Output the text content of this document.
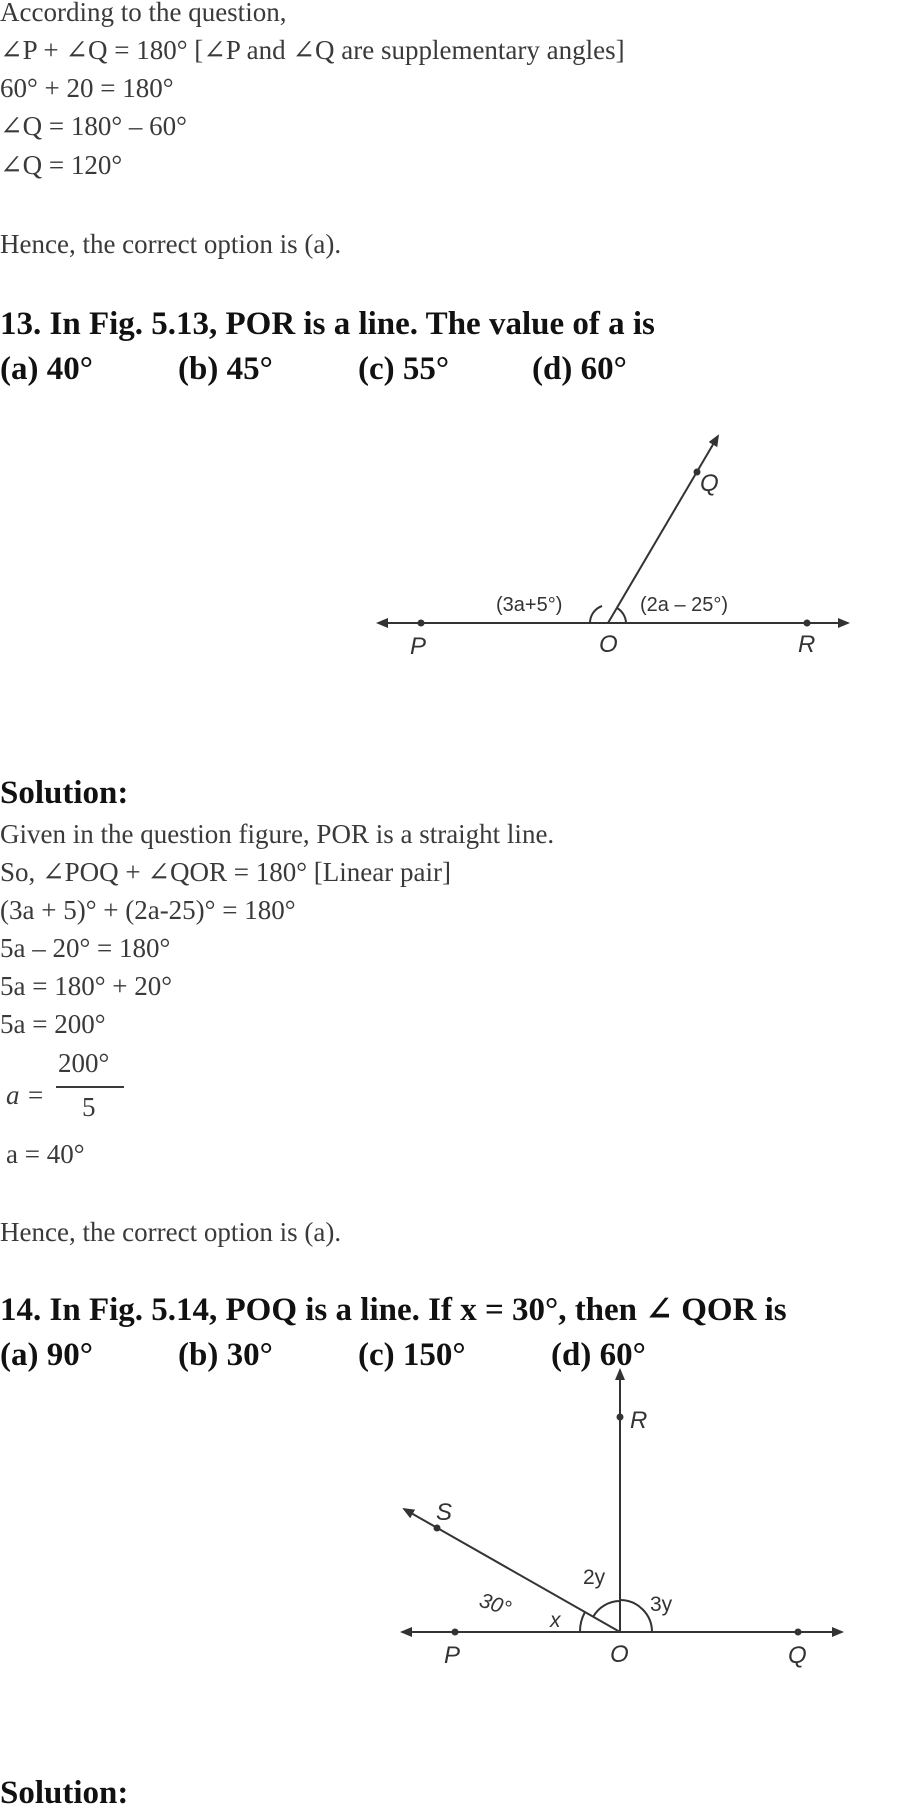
According to the question,
∠P + ∠Q = 180° [∠P and ∠Q are supplementary angles]
60° + 20 = 180°
∠Q = 180° – 60°
∠Q = 120°
Hence, the correct option is (a).
13. In Fig. 5.13, POR is a line. The value of a is
(a) 40°	(b) 45°	(c) 55°	(d) 60°
P	O	R
Q
(3a+5°)	(2a – 25°)
R
S
P	O	Q
2y
3y
30° x
Solution:
Given in the question figure, POR is a straight line.
So, ∠POQ + ∠QOR = 180° [Linear pair]
(3a + 5)° + (2a-25)° = 180°
5a – 20° = 180°
5a = 180° + 20°
5a = 200°
a =
200°
5
a = 40°
Hence, the correct option is (a).
14. In Fig. 5.14, POQ is a line. If x = 30°, then ∠ QOR is
(a) 90°	(b) 30°	(c) 150°	(d) 60°
Solution:
